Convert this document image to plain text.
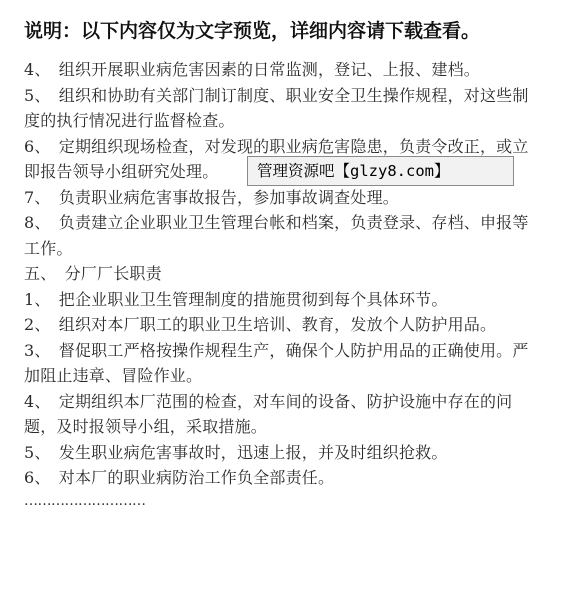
说明：以下内容仅为文字预览，详细内容请下载查看。
4、　组织开展职业病危害因素的日常监测，登记、上报、建档。
5、　组织和协助有关部门制订制度、职业安全卫生操作规程，对这些制度的执行情况进行监督检查。
6、　定期组织现场检查，对发现的职业病危害隐患，负责令改正，或立即报告领导小组研究处理。
7、　负责职业病危害事故报告，参加事故调查处理。
8、　负责建立企业职业卫生管理台帐和档案，负责登录、存档、申报等工作。
五、　分厂厂长职责
1、　把企业职业卫生管理制度的措施贯彻到每个具体环节。
2、　组织对本厂职工的职业卫生培训、教育，发放个人防护用品。
3、　督促职工严格按操作规程生产，确保个人防护用品的正确使用。严加阻止违章、冒险作业。
4、　定期组织本厂范围的检查，对车间的设备、防护设施中存在的问题，及时报领导小组，采取措施。
5、　发生职业病危害事故时，迅速上报，并及时组织抢救。
6、　对本厂的职业病防治工作负全部责任。
………………………
管理资源吧【glzy8.com】
